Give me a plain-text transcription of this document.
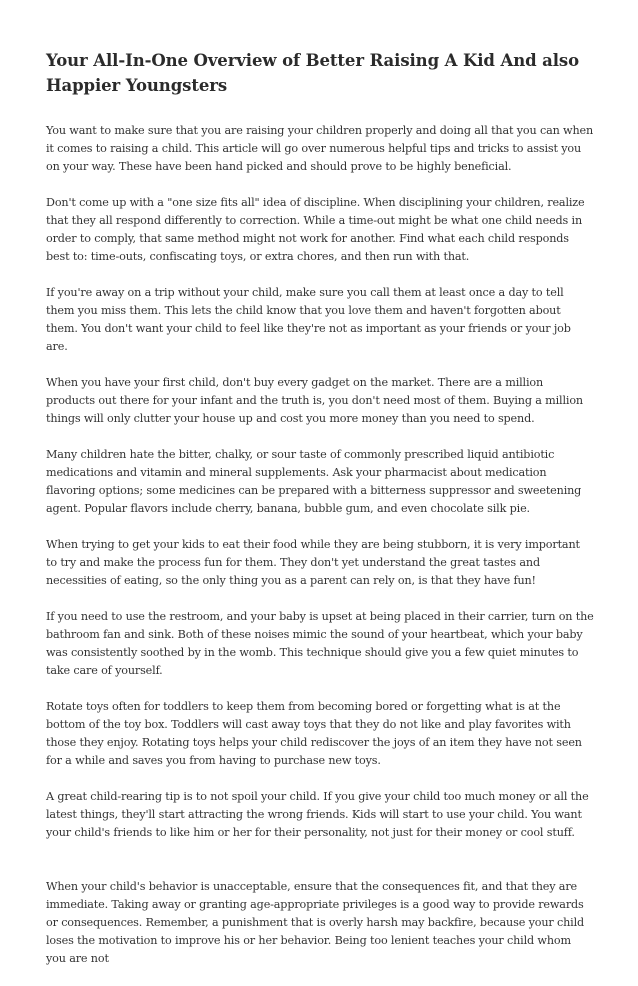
Your All-In-One Overview of Better Raising A Kid And also Happier Youngsters

You want to make sure that you are raising your children properly and doing all that you can when it comes to raising a child. This article will go over numerous helpful tips and tricks to assist you on your way. These have been hand picked and should prove to be highly beneficial.

Don't come up with a "one size fits all" idea of discipline. When disciplining your children, realize that they all respond differently to correction. While a time-out might be what one child needs in order to comply, that same method might not work for another. Find what each child responds best to: time-outs, confiscating toys, or extra chores, and then run with that.

If you're away on a trip without your child, make sure you call them at least once a day to tell them you miss them. This lets the child know that you love them and haven't forgotten about them. You don't want your child to feel like they're not as important as your friends or your job are.

When you have your first child, don't buy every gadget on the market. There are a million products out there for your infant and the truth is, you don't need most of them. Buying a million things will only clutter your house up and cost you more money than you need to spend.

Many children hate the bitter, chalky, or sour taste of commonly prescribed liquid antibiotic medications and vitamin and mineral supplements. Ask your pharmacist about medication flavoring options; some medicines can be prepared with a bitterness suppressor and sweetening agent. Popular flavors include cherry, banana, bubble gum, and even chocolate silk pie.

When trying to get your kids to eat their food while they are being stubborn, it is very important to try and make the process fun for them. They don't yet understand the great tastes and necessities of eating, so the only thing you as a parent can rely on, is that they have fun!

If you need to use the restroom, and your baby is upset at being placed in their carrier, turn on the bathroom fan and sink. Both of these noises mimic the sound of your heartbeat, which your baby was consistently soothed by in the womb. This technique should give you a few quiet minutes to take care of yourself.

Rotate toys often for toddlers to keep them from becoming bored or forgetting what is at the bottom of the toy box. Toddlers will cast away toys that they do not like and play favorites with those they enjoy. Rotating toys helps your child rediscover the joys of an item they have not seen for a while and saves you from having to purchase new toys.

A great child-rearing tip is to not spoil your child. If you give your child too much money or all the latest things, they'll start attracting the wrong friends. Kids will start to use your child. You want your child's friends to like him or her for their personality, not just for their money or cool stuff.

When your child's behavior is unacceptable, ensure that the consequences fit, and that they are immediate. Taking away or granting age-appropriate privileges is a good way to provide rewards or consequences. Remember, a punishment that is overly harsh may backfire, because your child loses the motivation to improve his or her behavior. Being too lenient teaches your child whom you are not
